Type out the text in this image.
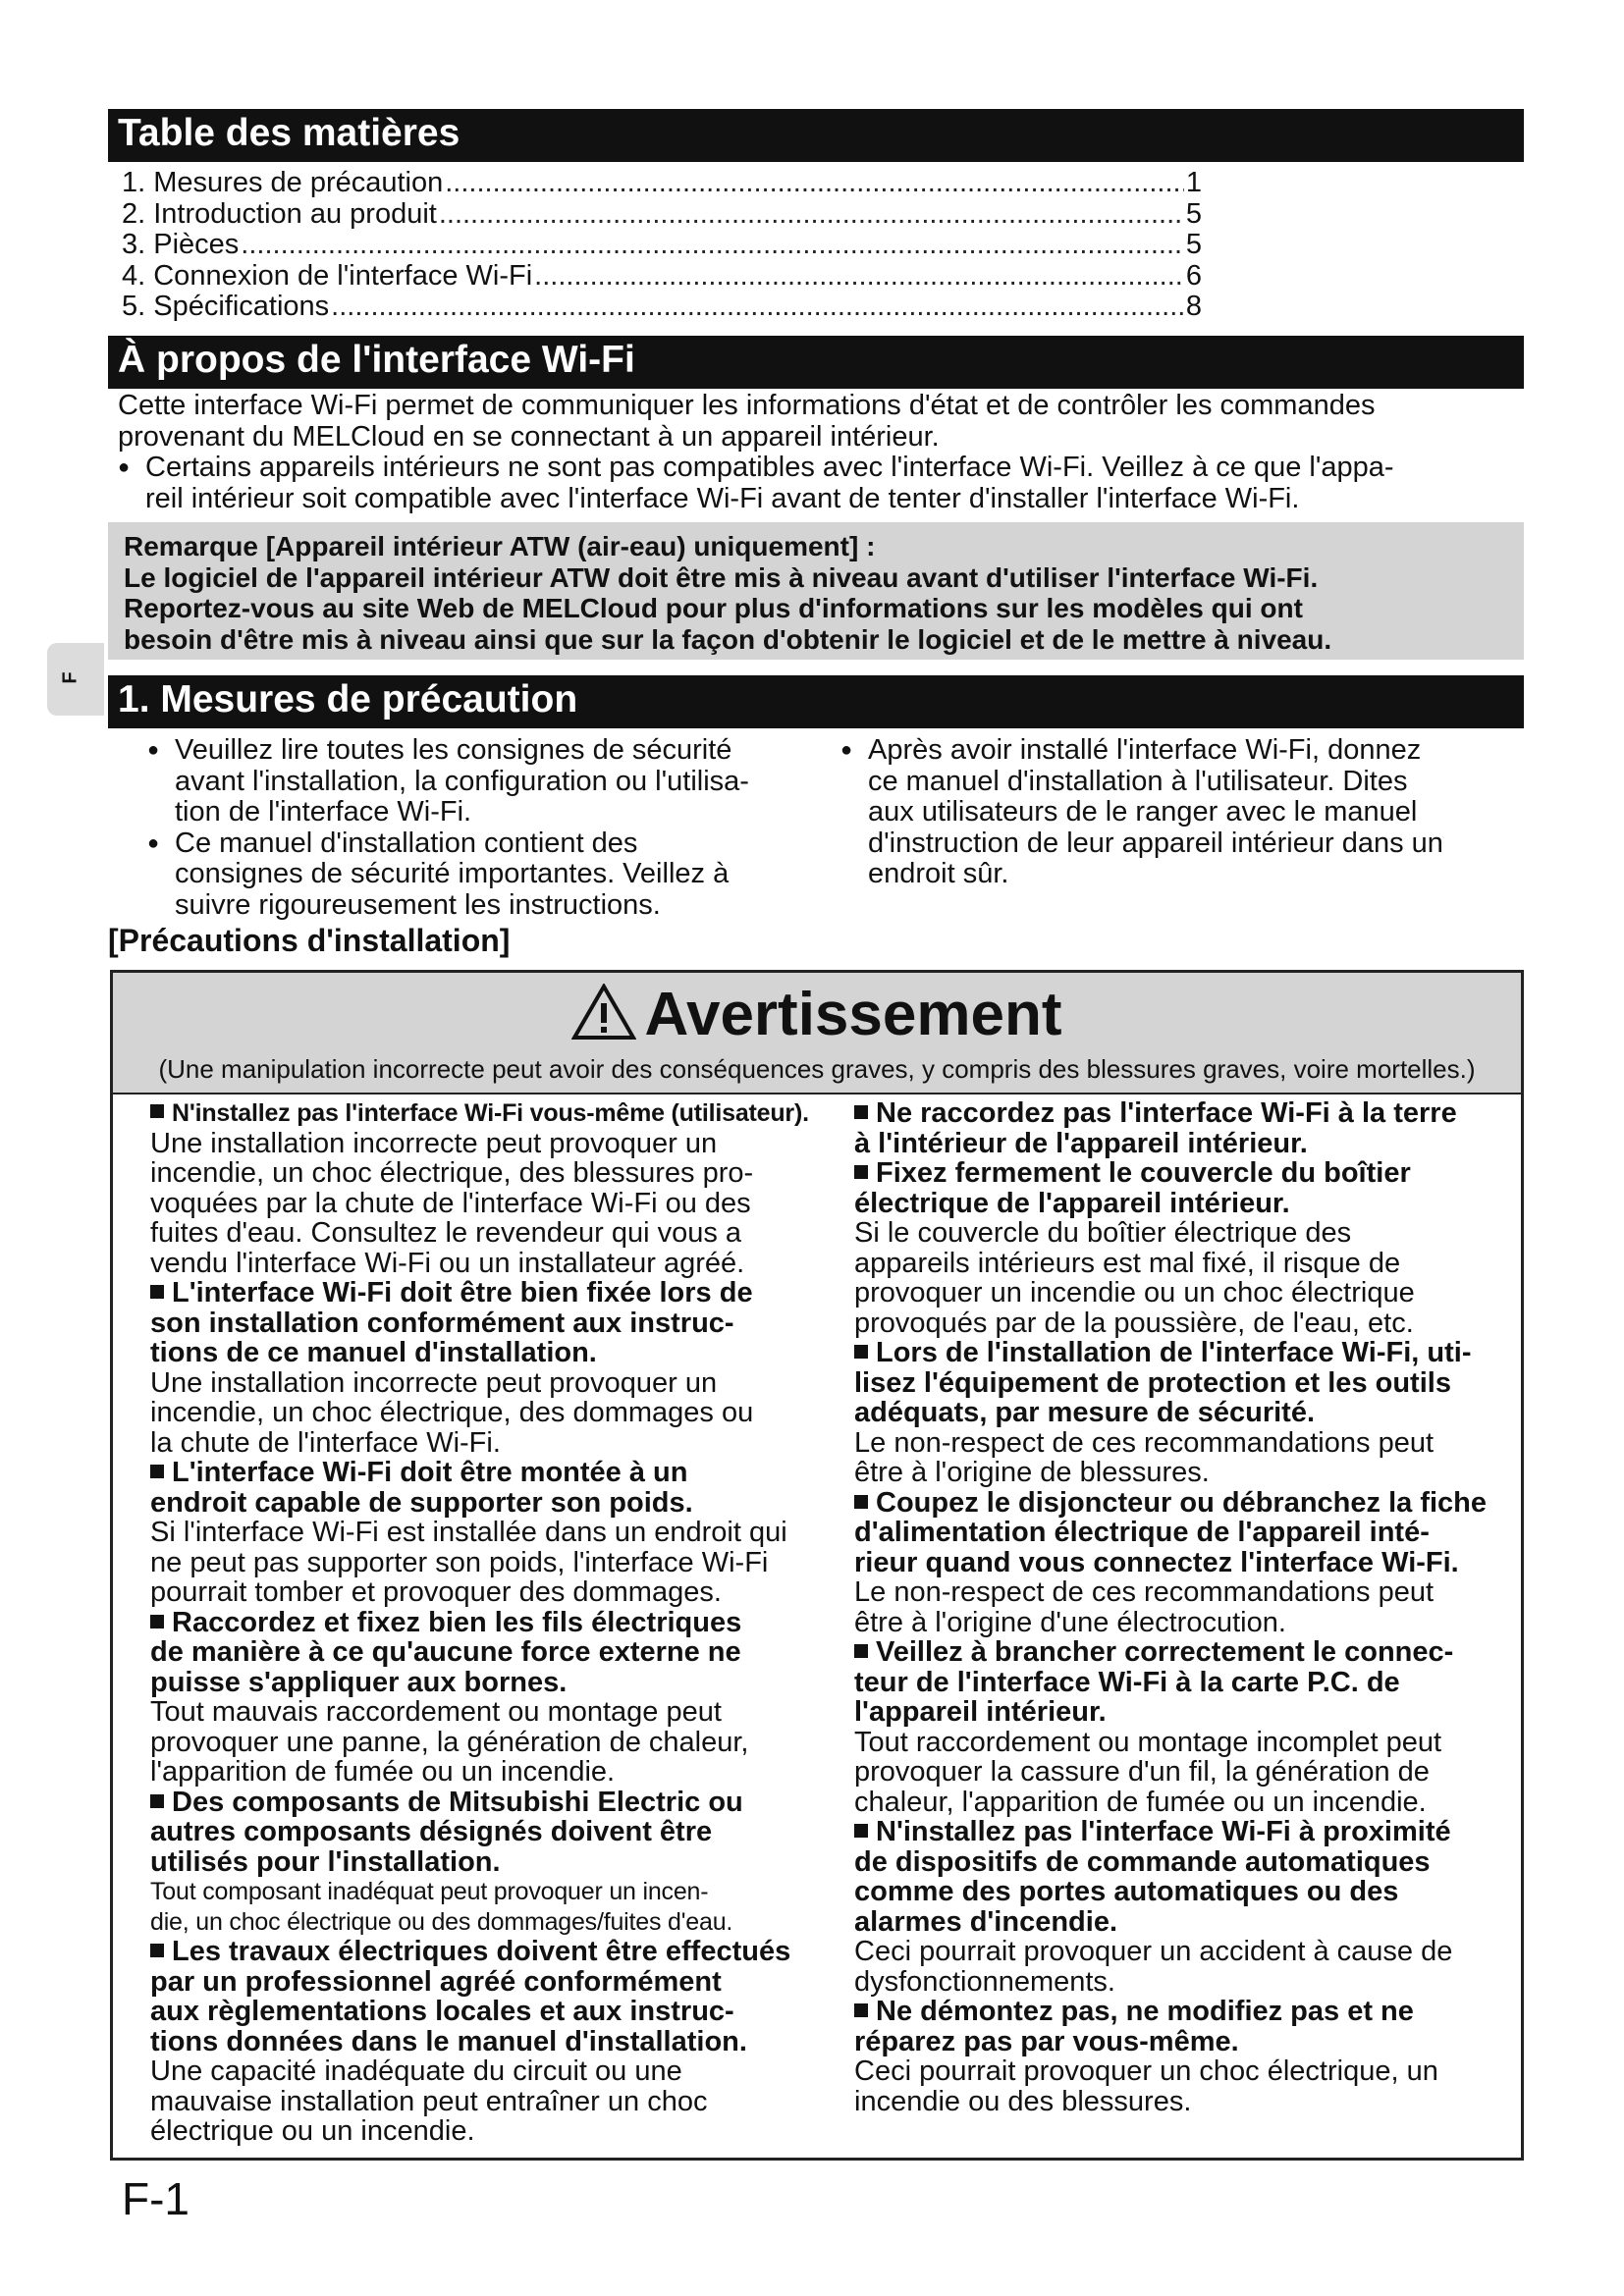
Table des matières
1. Mesures de précaution .....	1
2. Introduction au produit .....	5
3. Pièces .....	5
4. Connexion de l'interface Wi-Fi .....	6
5. Spécifications .....	8
À propos de l'interface Wi-Fi
Cette interface Wi-Fi permet de communiquer les informations d'état et de contrôler les commandes
provenant du MELCloud en se connectant à un appareil intérieur.
● Certains appareils intérieurs ne sont pas compatibles avec l'interface Wi-Fi. Veillez à ce que l'appa-
reil intérieur soit compatible avec l'interface Wi-Fi avant de tenter d'installer l'interface Wi-Fi.
Remarque [Appareil intérieur ATW (air-eau) uniquement] :
Le logiciel de l'appareil intérieur ATW doit être mis à niveau avant d'utiliser l'interface Wi-Fi.
Reportez-vous au site Web de MELCloud pour plus d'informations sur les modèles qui ont
besoin d'être mis à niveau ainsi que sur la façon d'obtenir le logiciel et de le mettre à niveau.
F
1. Mesures de précaution
● Veuillez lire toutes les consignes de sécurité
avant l'installation, la configuration ou l'utilisa-
tion de l'interface Wi-Fi.
● Ce manuel d'installation contient des
consignes de sécurité importantes. Veillez à
suivre rigoureusement les instructions.
● Après avoir installé l'interface Wi-Fi, donnez
ce manuel d'installation à l'utilisateur. Dites
aux utilisateurs de le ranger avec le manuel
d'instruction de leur appareil intérieur dans un
endroit sûr.
[Précautions d'installation]
Avertissement
(Une manipulation incorrecte peut avoir des conséquences graves, y compris des blessures graves, voire mortelles.)
N'installez pas l'interface Wi-Fi vous-même (utilisateur).
Une installation incorrecte peut provoquer un
incendie, un choc électrique, des blessures pro-
voquées par la chute de l'interface Wi-Fi ou des
fuites d'eau. Consultez le revendeur qui vous a
vendu l'interface Wi-Fi ou un installateur agréé.
L'interface Wi-Fi doit être bien fixée lors de
son installation conformément aux instruc-
tions de ce manuel d'installation.
Une installation incorrecte peut provoquer un
incendie, un choc électrique, des dommages ou
la chute de l'interface Wi-Fi.
L'interface Wi-Fi doit être montée à un
endroit capable de supporter son poids.
Si l'interface Wi-Fi est installée dans un endroit qui
ne peut pas supporter son poids, l'interface Wi-Fi
pourrait tomber et provoquer des dommages.
Raccordez et fixez bien les fils électriques
de manière à ce qu'aucune force externe ne
puisse s'appliquer aux bornes.
Tout mauvais raccordement ou montage peut
provoquer une panne, la génération de chaleur,
l'apparition de fumée ou un incendie.
Des composants de Mitsubishi Electric ou
autres composants désignés doivent être
utilisés pour l'installation.
Tout composant inadéquat peut provoquer un incen-
die, un choc électrique ou des dommages/fuites d'eau.
Les travaux électriques doivent être effectués
par un professionnel agréé conformément
aux règlementations locales et aux instruc-
tions données dans le manuel d'installation.
Une capacité inadéquate du circuit ou une
mauvaise installation peut entraîner un choc
électrique ou un incendie.
Ne raccordez pas l'interface Wi-Fi à la terre
à l'intérieur de l'appareil intérieur.
Fixez fermement le couvercle du boîtier
électrique de l'appareil intérieur.
Si le couvercle du boîtier électrique des
appareils intérieurs est mal fixé, il risque de
provoquer un incendie ou un choc électrique
provoqués par de la poussière, de l'eau, etc.
Lors de l'installation de l'interface Wi-Fi, uti-
lisez l'équipement de protection et les outils
adéquats, par mesure de sécurité.
Le non-respect de ces recommandations peut
être à l'origine de blessures.
Coupez le disjoncteur ou débranchez la fiche
d'alimentation électrique de l'appareil inté-
rieur quand vous connectez l'interface Wi-Fi.
Le non-respect de ces recommandations peut
être à l'origine d'une électrocution.
Veillez à brancher correctement le connec-
teur de l'interface Wi-Fi à la carte P.C. de
l'appareil intérieur.
Tout raccordement ou montage incomplet peut
provoquer la cassure d'un fil, la génération de
chaleur, l'apparition de fumée ou un incendie.
N'installez pas l'interface Wi-Fi à proximité
de dispositifs de commande automatiques
comme des portes automatiques ou des
alarmes d'incendie.
Ceci pourrait provoquer un accident à cause de
dysfonctionnements.
Ne démontez pas, ne modifiez pas et ne
réparez pas par vous-même.
Ceci pourrait provoquer un choc électrique, un
incendie ou des blessures.
F-1
